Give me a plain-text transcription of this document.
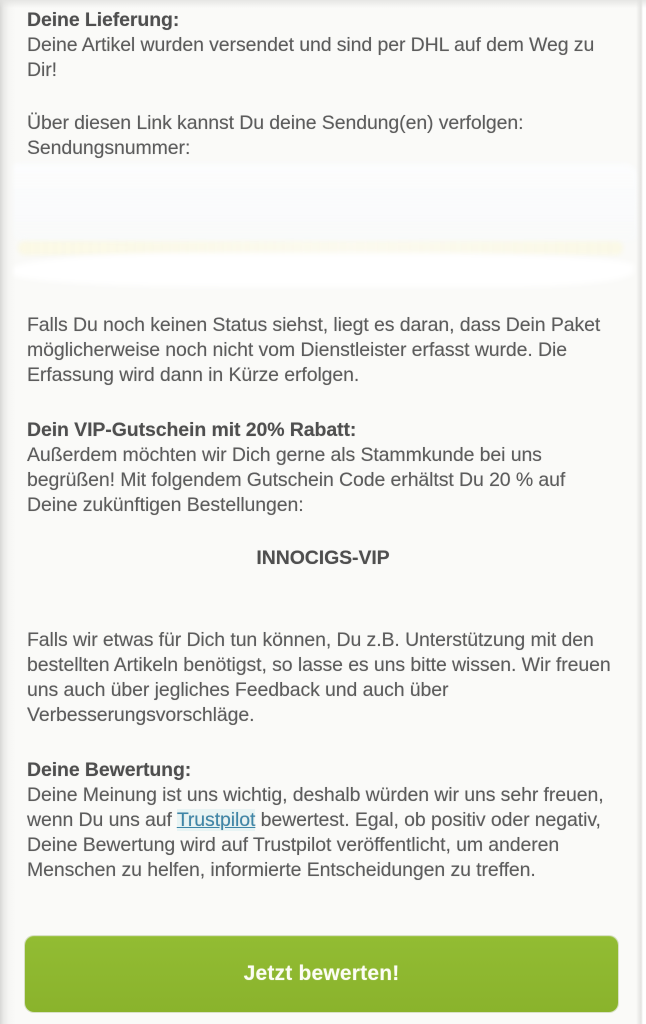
Deine Lieferung:
Deine Artikel wurden versendet und sind per DHL auf dem Weg zu Dir!
Über diesen Link kannst Du deine Sendung(en) verfolgen:
Sendungsnummer:
Falls Du noch keinen Status siehst, liegt es daran, dass Dein Paket möglicherweise noch nicht vom Dienstleister erfasst wurde. Die Erfassung wird dann in Kürze erfolgen.
Dein VIP-Gutschein mit 20% Rabatt:
Außerdem möchten wir Dich gerne als Stammkunde bei uns begrüßen! Mit folgendem Gutschein Code erhältst Du 20 % auf Deine zukünftigen Bestellungen:
INNOCIGS-VIP
Falls wir etwas für Dich tun können, Du z.B. Unterstützung mit den bestellten Artikeln benötigst, so lasse es uns bitte wissen. Wir freuen uns auch über jegliches Feedback und auch über Verbesserungsvorschläge.
Deine Bewertung:
Deine Meinung ist uns wichtig, deshalb würden wir uns sehr freuen, wenn Du uns auf Trustpilot bewertest. Egal, ob positiv oder negativ, Deine Bewertung wird auf Trustpilot veröffentlicht, um anderen Menschen zu helfen, informierte Entscheidungen zu treffen.
Jetzt bewerten!
